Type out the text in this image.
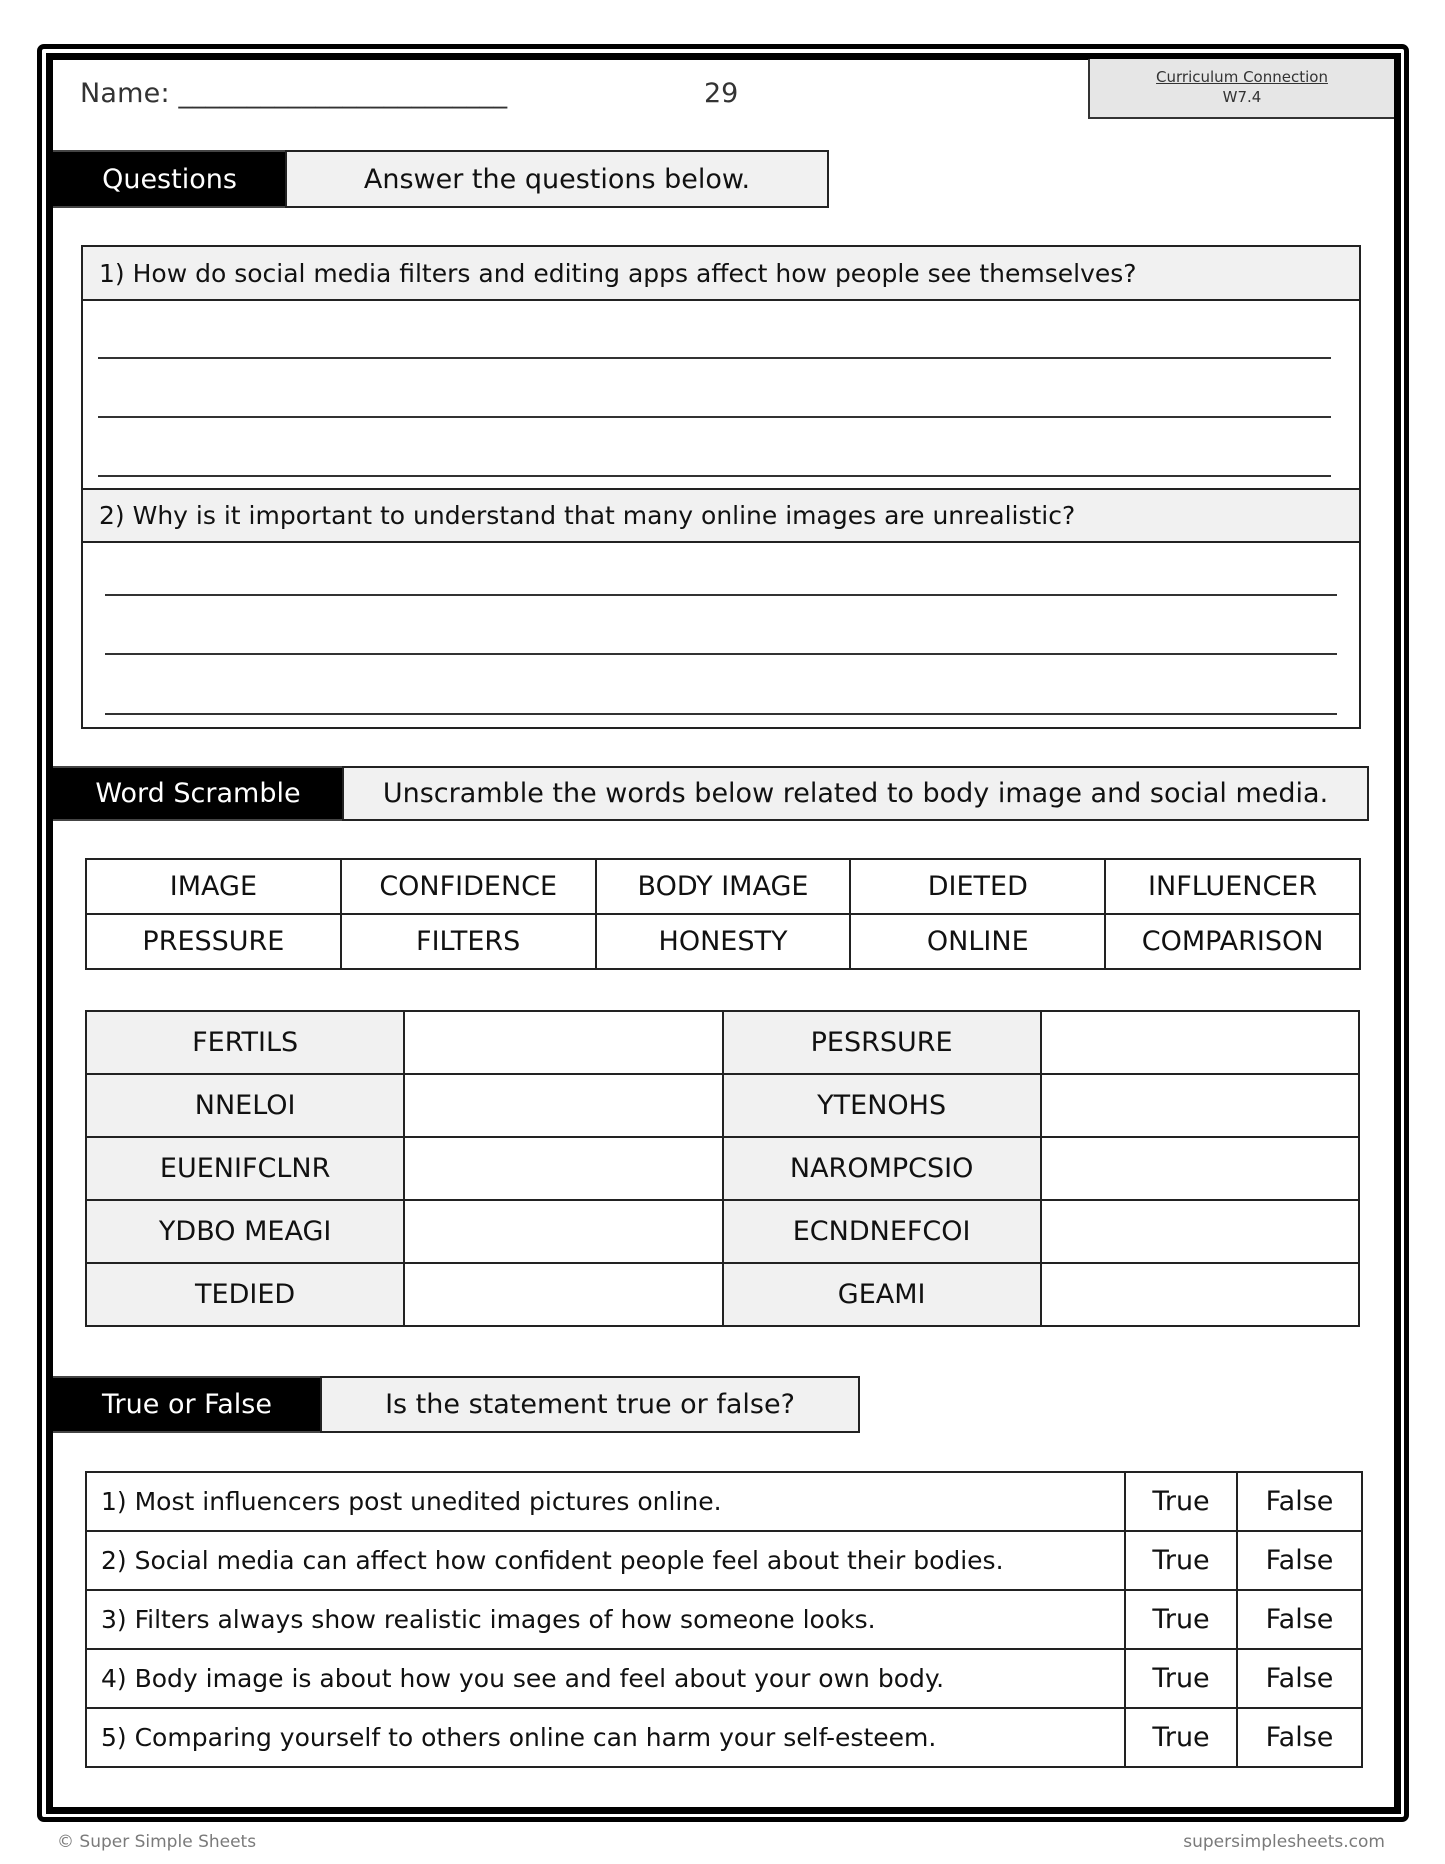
Name: ________________________	29
Curriculum Connection
W7.4
Questions	Answer the questions below.
1) How do social media filters and editing apps affect how people see themselves?
2) Why is it important to understand that many online images are unrealistic?
Word Scramble	Unscramble the words below related to body image and social media.
IMAGE	CONFIDENCE	BODY IMAGE	DIETED	INFLUENCER
PRESSURE	FILTERS	HONESTY	ONLINE	COMPARISON
FERTILS		PESRSURE	
NNELOI		YTENOHS	
EUENIFCLNR		NAROMPCSIO	
YDBO MEAGI		ECNDNEFCOI	
TEDIED		GEAMI	
True or False	Is the statement true or false?
1) Most influencers post unedited pictures online.	True	False
2) Social media can affect how confident people feel about their bodies.	True	False
3) Filters always show realistic images of how someone looks.	True	False
4) Body image is about how you see and feel about your own body.	True	False
5) Comparing yourself to others online can harm your self-esteem.	True	False
© Super Simple Sheets	supersimplesheets.com
